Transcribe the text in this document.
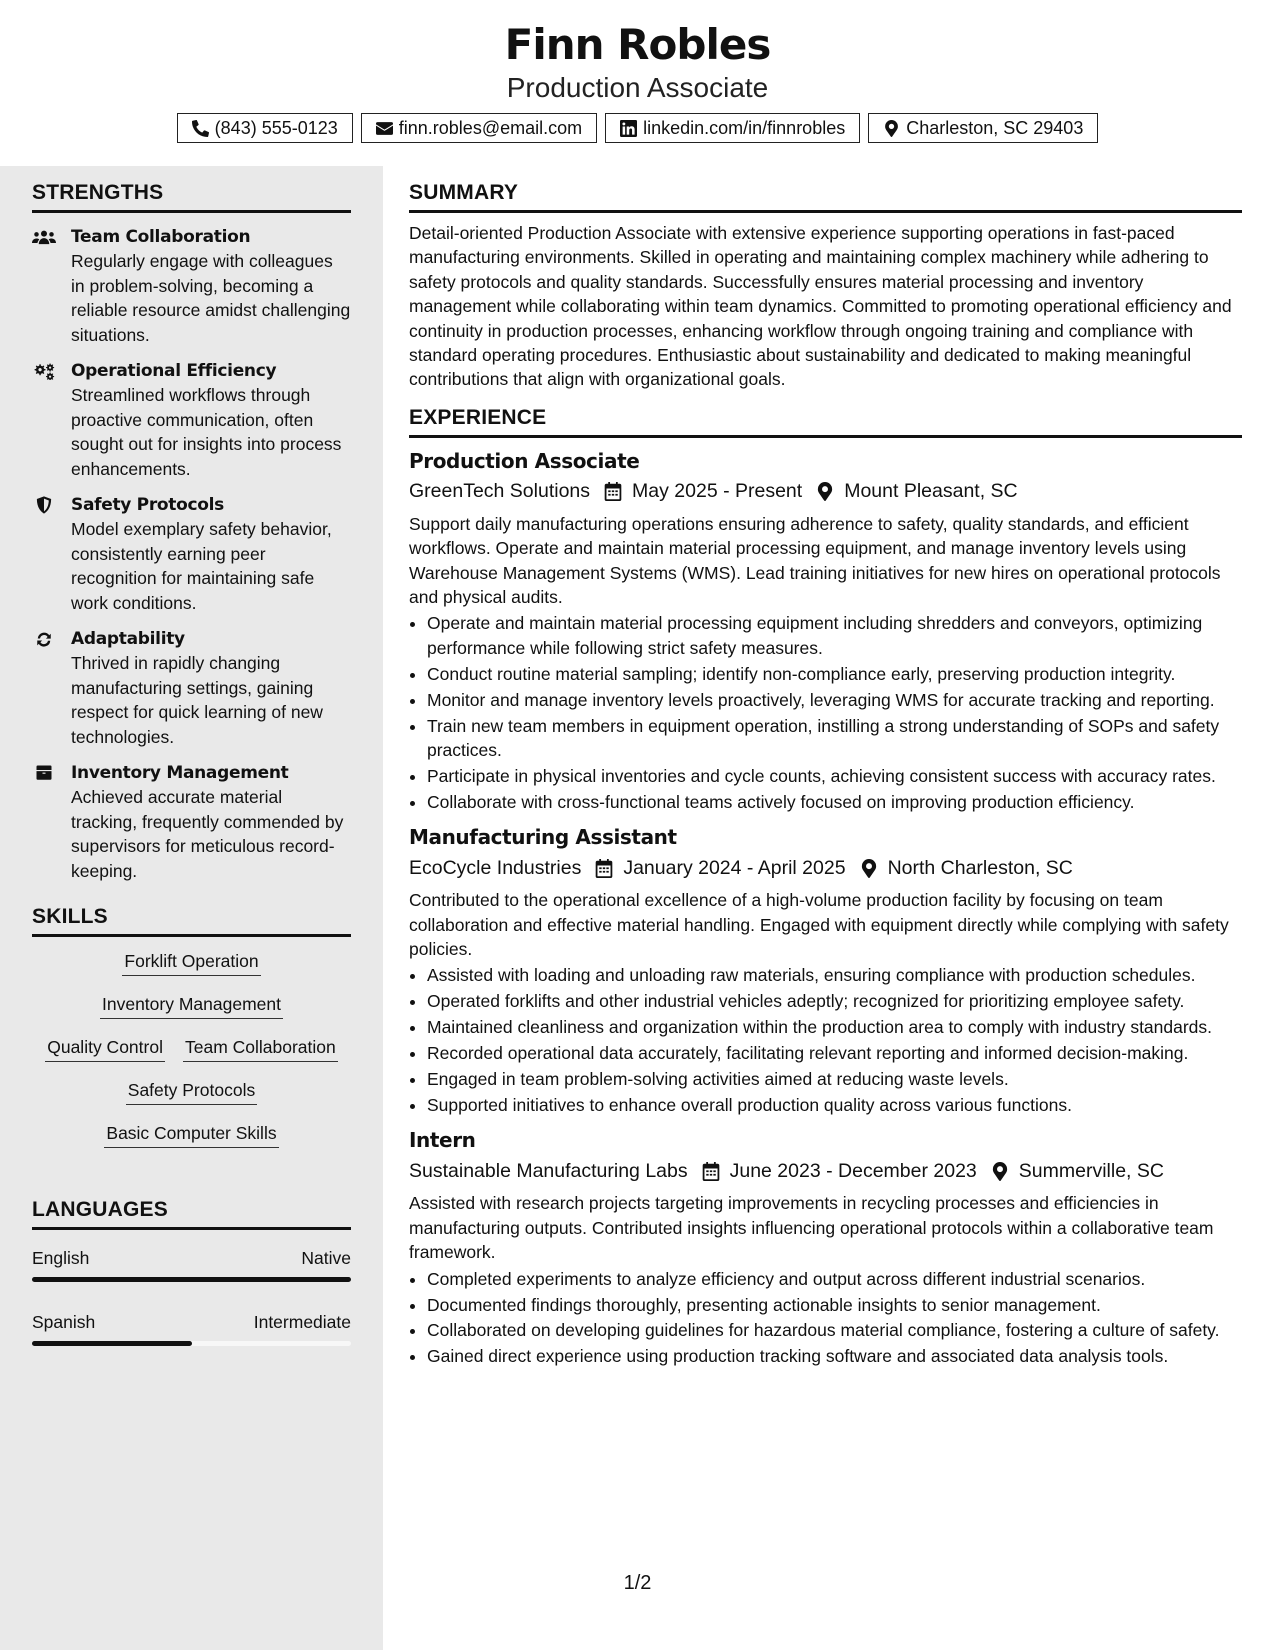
Finn Robles
Production Associate
(843) 555-0123	finn.robles@email.com	linkedin.com/in/finnrobles	Charleston, SC 29403
STRENGTHS
Team Collaboration
Regularly engage with colleagues in problem-solving, becoming a reliable resource amidst challenging situations.
Operational Efficiency
Streamlined workflows through proactive communication, often sought out for insights into process enhancements.
Safety Protocols
Model exemplary safety behavior, consistently earning peer recognition for maintaining safe work conditions.
Adaptability
Thrived in rapidly changing manufacturing settings, gaining respect for quick learning of new technologies.
Inventory Management
Achieved accurate material tracking, frequently commended by supervisors for meticulous record-keeping.
SKILLS
Forklift Operation
Inventory Management
Quality Control Team Collaboration
Safety Protocols
Basic Computer Skills
LANGUAGES
English	Native
Spanish	Intermediate
SUMMARY
Detail-oriented Production Associate with extensive experience supporting operations in fast-paced manufacturing environments. Skilled in operating and maintaining complex machinery while adhering to safety protocols and quality standards. Successfully ensures material processing and inventory management while collaborating within team dynamics. Committed to promoting operational efficiency and continuity in production processes, enhancing workflow through ongoing training and compliance with standard operating procedures. Enthusiastic about sustainability and dedicated to making meaningful contributions that align with organizational goals.
EXPERIENCE
Production Associate
GreenTech Solutions May 2025 - Present Mount Pleasant, SC
Support daily manufacturing operations ensuring adherence to safety, quality standards, and efficient workflows. Operate and maintain material processing equipment, and manage inventory levels using Warehouse Management Systems (WMS). Lead training initiatives for new hires on operational protocols and physical audits.
• Operate and maintain material processing equipment including shredders and conveyors, optimizing performance while following strict safety measures.
• Conduct routine material sampling; identify non-compliance early, preserving production integrity.
• Monitor and manage inventory levels proactively, leveraging WMS for accurate tracking and reporting.
• Train new team members in equipment operation, instilling a strong understanding of SOPs and safety practices.
• Participate in physical inventories and cycle counts, achieving consistent success with accuracy rates.
• Collaborate with cross-functional teams actively focused on improving production efficiency.
Manufacturing Assistant
EcoCycle Industries January 2024 - April 2025 North Charleston, SC
Contributed to the operational excellence of a high-volume production facility by focusing on team collaboration and effective material handling. Engaged with equipment directly while complying with safety policies.
• Assisted with loading and unloading raw materials, ensuring compliance with production schedules.
• Operated forklifts and other industrial vehicles adeptly; recognized for prioritizing employee safety.
• Maintained cleanliness and organization within the production area to comply with industry standards.
• Recorded operational data accurately, facilitating relevant reporting and informed decision-making.
• Engaged in team problem-solving activities aimed at reducing waste levels.
• Supported initiatives to enhance overall production quality across various functions.
Intern
Sustainable Manufacturing Labs June 2023 - December 2023 Summerville, SC
Assisted with research projects targeting improvements in recycling processes and efficiencies in manufacturing outputs. Contributed insights influencing operational protocols within a collaborative team framework.
• Completed experiments to analyze efficiency and output across different industrial scenarios.
• Documented findings thoroughly, presenting actionable insights to senior management.
• Collaborated on developing guidelines for hazardous material compliance, fostering a culture of safety.
• Gained direct experience using production tracking software and associated data analysis tools.
1/2
